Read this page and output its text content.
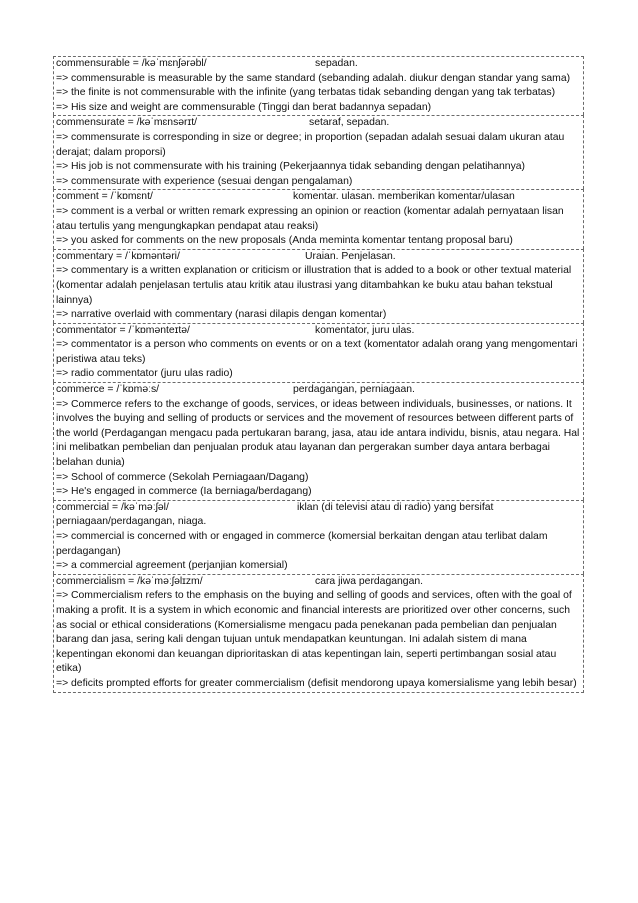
commensurable = /kəˈmɛnʃərəbl/	sepadan.
=> commensurable is measurable by the same standard (sebanding adalah. diukur dengan standar yang sama)
=> the finite is not commensurable with the infinite (yang terbatas tidak sebanding dengan yang tak terbatas)
=> His size and weight are commensurable (Tinggi dan berat badannya sepadan)
commensurate = /kəˈmɛnsərɪt/	setaraf, sepadan.
=> commensurate is corresponding in size or degree; in proportion (sepadan adalah sesuai dalam ukuran atau derajat; dalam proporsi)
=> His job is not commensurate with his training (Pekerjaannya tidak sebanding dengan pelatihannya)
=> commensurate with experience (sesuai dengan pengalaman)
comment = /ˈkɒmɛnt/	komentar. ulasan. memberikan komentar/ulasan
=> comment is a verbal or written remark expressing an opinion or reaction (komentar adalah pernyataan lisan atau tertulis yang mengungkapkan pendapat atau reaksi)
=> you asked for comments on the new proposals (Anda meminta komentar tentang proposal baru)
commentary = /ˈkɒməntəri/	Uraian. Penjelasan.
=> commentary is a written explanation or criticism or illustration that is added to a book or other textual material (komentar adalah penjelasan tertulis atau kritik atau ilustrasi yang ditambahkan ke buku atau bahan tekstual lainnya)
=> narrative overlaid with commentary (narasi dilapis dengan komentar)
commentator = /ˈkɒmənteɪtə/	komentator, juru ulas.
=> commentator is a person who comments on events or on a text (komentator adalah orang yang mengomentari peristiwa atau teks)
=> radio commentator (juru ulas radio)
commerce = /ˈkɒməːs/	perdagangan, perniagaan.
=> Commerce refers to the exchange of goods, services, or ideas between individuals, businesses, or nations. It involves the buying and selling of products or services and the movement of resources between different parts of the world (Perdagangan mengacu pada pertukaran barang, jasa, atau ide antara individu, bisnis, atau negara. Hal ini melibatkan pembelian dan penjualan produk atau layanan dan pergerakan sumber daya antara berbagai belahan dunia)
=> School of commerce (Sekolah Perniagaan/Dagang)
=> He's engaged in commerce (Ia berniaga/berdagang)
commercial = /kəˈməːʃəl/	iklan (di televisi atau di radio) yang bersifat
perniagaan/perdagangan, niaga.
=> commercial is concerned with or engaged in commerce (komersial berkaitan dengan atau terlibat dalam perdagangan)
=> a commercial agreement (perjanjian komersial)
commercialism = /kəˈməːʃəlɪzm/	cara jiwa perdagangan.
=> Commercialism refers to the emphasis on the buying and selling of goods and services, often with the goal of making a profit. It is a system in which economic and financial interests are prioritized over other concerns, such as social or ethical considerations (Komersialisme mengacu pada penekanan pada pembelian dan penjualan barang dan jasa, sering kali dengan tujuan untuk mendapatkan keuntungan. Ini adalah sistem di mana kepentingan ekonomi dan keuangan diprioritaskan di atas kepentingan lain, seperti pertimbangan sosial atau etika)
=> deficits prompted efforts for greater commercialism (defisit mendorong upaya komersialisme yang lebih besar)
